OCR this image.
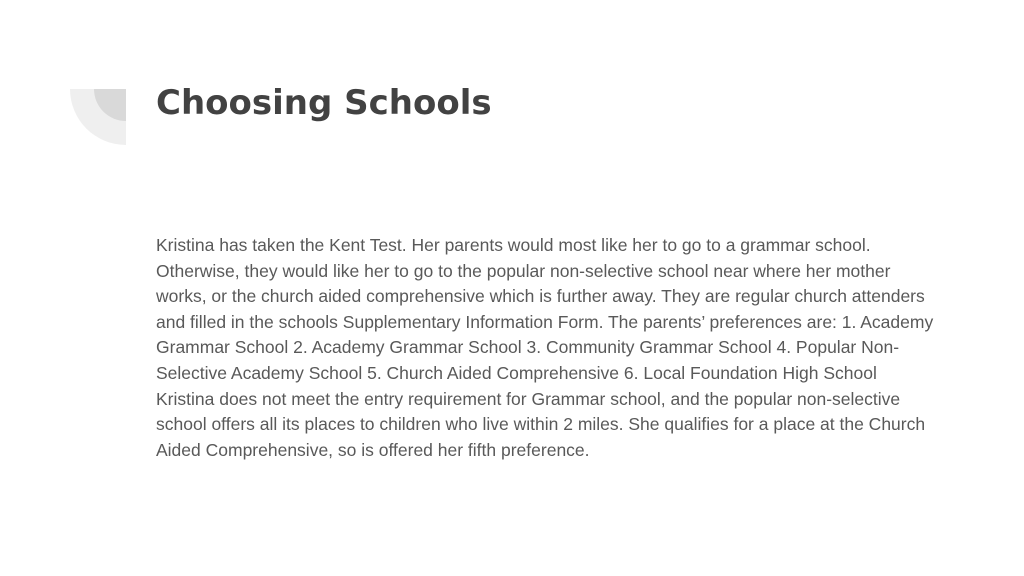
Choosing Schools

Kristina has taken the Kent Test. Her parents would most like her to go to a grammar school. Otherwise, they would like her to go to the popular non-selective school near where her mother works, or the church aided comprehensive which is further away. They are regular church attenders and filled in the schools Supplementary Information Form. The parents’ preferences are: 1. Academy Grammar School 2. Academy Grammar School 3. Community Grammar School 4. Popular Non-Selective Academy School 5. Church Aided Comprehensive 6. Local Foundation High School Kristina does not meet the entry requirement for Grammar school, and the popular non-selective school offers all its places to children who live within 2 miles. She qualifies for a place at the Church Aided Comprehensive, so is offered her fifth preference.
